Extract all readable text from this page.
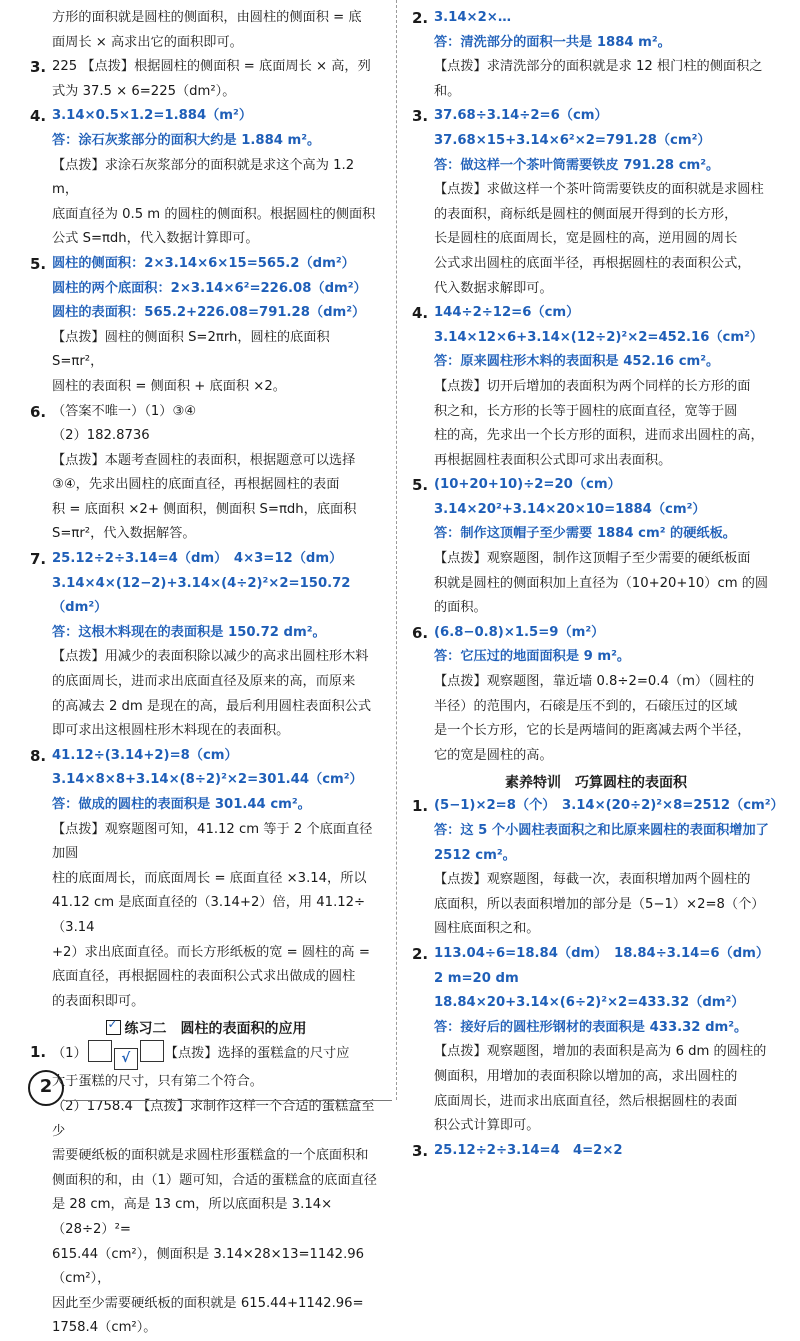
方形的面积就是圆柱的侧面积，由圆柱的侧面积 = 底

面周长 × 高求出它的面积即可。

3. 225 【点拨】根据圆柱的侧面积 = 底面周长 × 高，列

式为 37.5 × 6=225（dm²）。

4. 3.14×0.5×1.2=1.884（m²）

答：涂石灰浆部分的面积大约是 1.884 m²。

【点拨】求涂石灰浆部分的面积就是求这个高为 1.2 m，

底面直径为 0.5 m 的圆柱的侧面积。根据圆柱的侧面积

公式 S=πdh，代入数据计算即可。

5. 圆柱的侧面积：2×3.14×6×15=565.2（dm²）

圆柱的两个底面积：2×3.14×6²=226.08（dm²）

圆柱的表面积：565.2+226.08=791.28（dm²）

【点拨】圆柱的侧面积 S=2πrh，圆柱的底面积 S=πr²，

圆柱的表面积 = 侧面积 + 底面积 ×2。

6. （答案不唯一）（1）③④

（2）182.8736

【点拨】本题考查圆柱的表面积，根据题意可以选择

③④，先求出圆柱的底面直径，再根据圆柱的表面

积 = 底面积 ×2+ 侧面积，侧面积 S=πdh，底面积

S=πr²，代入数据解答。

7. 25.12÷2÷3.14=4（dm）　4×3=12（dm）

3.14×4×(12−2)+3.14×(4÷2)²×2=150.72（dm²）

答：这根木料现在的表面积是 150.72 dm²。

【点拨】用减少的表面积除以减少的高求出圆柱形木料

的底面周长，进而求出底面直径及原来的高，而原来

的高减去 2 dm 是现在的高，最后利用圆柱表面积公式

即可求出这根圆柱形木料现在的表面积。

8. 41.12÷(3.14+2)=8（cm）

3.14×8×8+3.14×(8÷2)²×2=301.44（cm²）

答：做成的圆柱的表面积是 301.44 cm²。

【点拨】观察题图可知，41.12 cm 等于 2 个底面直径加圆

柱的底面周长，而底面周长 = 底面直径 ×3.14，所以

41.12 cm 是底面直径的（3.14+2）倍，用 41.12÷（3.14

+2）求出底面直径。而长方形纸板的宽 = 圆柱的高 =

底面直径，再根据圆柱的表面积公式求出做成的圆柱

的表面积即可。

✓练习二　圆柱的表面积的应用
1. （1）	√	【点拨】选择的蛋糕盒的尺寸应

大于蛋糕的尺寸，只有第二个符合。

（2）1758.4 【点拨】求制作这样一个合适的蛋糕盒至少

需要硬纸板的面积就是求圆柱形蛋糕盒的一个底面积和

侧面积的和，由（1）题可知，合适的蛋糕盒的底面直径

是 28 cm，高是 13 cm，所以底面积是 3.14×（28÷2）²=

615.44（cm²），侧面积是 3.14×28×13=1142.96（cm²），

因此至少需要硬纸板的面积就是 615.44+1142.96=

1758.4（cm²）。

2. 3.14×2×…

答：清洗部分的面积一共是 1884 m²。

【点拨】求清洗部分的面积就是求 12 根门柱的侧面积之和。

3. 37.68÷3.14÷2=6（cm）

37.68×15+3.14×6²×2=791.28（cm²）

答：做这样一个茶叶筒需要铁皮 791.28 cm²。

【点拨】求做这样一个茶叶筒需要铁皮的面积就是求圆柱

的表面积，商标纸是圆柱的侧面展开得到的长方形，

长是圆柱的底面周长，宽是圆柱的高，逆用圆的周长

公式求出圆柱的底面半径，再根据圆柱的表面积公式，

代入数据求解即可。

4. 144÷2÷12=6（cm）

3.14×12×6+3.14×(12÷2)²×2=452.16（cm²）

答：原来圆柱形木料的表面积是 452.16 cm²。

【点拨】切开后增加的表面积为两个同样的长方形的面

积之和，长方形的长等于圆柱的底面直径，宽等于圆

柱的高，先求出一个长方形的面积，进而求出圆柱的高，

再根据圆柱表面积公式即可求出表面积。

5. (10+20+10)÷2=20（cm）

3.14×20²+3.14×20×10=1884（cm²）

答：制作这顶帽子至少需要 1884 cm² 的硬纸板。

【点拨】观察题图，制作这顶帽子至少需要的硬纸板面

积就是圆柱的侧面积加上直径为（10+20+10）cm 的圆

的面积。

6. (6.8−0.8)×1.5=9（m²）

答：它压过的地面面积是 9 m²。

【点拨】观察题图，靠近墙 0.8÷2=0.4（m）（圆柱的

半径）的范围内，石磙是压不到的，石磙压过的区域

是一个长方形，它的长是两墙间的距离减去两个半径，

它的宽是圆柱的高。

素养特训　巧算圆柱的表面积
1. (5−1)×2=8（个）　3.14×(20÷2)²×8=2512（cm²）

答：这 5 个小圆柱表面积之和比原来圆柱的表面积增加了

2512 cm²。

【点拨】观察题图，每截一次，表面积增加两个圆柱的

底面积，所以表面积增加的部分是（5−1）×2=8（个）

圆柱底面积之和。

2. 113.04÷6=18.84（dm）　18.84÷3.14=6（dm）

2 m=20 dm

18.84×20+3.14×(6÷2)²×2=433.32（dm²）

答：接好后的圆柱形钢材的表面积是 433.32 dm²。

【点拨】观察题图，增加的表面积是高为 6 dm 的圆柱的

侧面积，用增加的表面积除以增加的高，求出圆柱的

底面周长，进而求出底面直径，然后根据圆柱的表面

积公式计算即可。

3. 25.12÷2÷3.14=4　4=2×2

2
